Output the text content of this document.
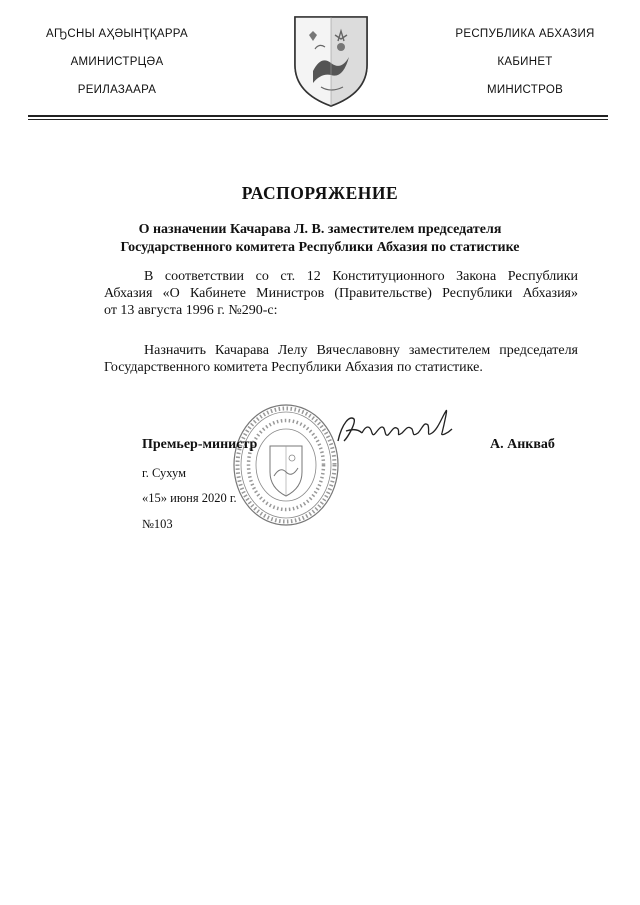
АҦСНЫ АҲӘЫНҬҚАРРА
АМИНИСТРЦӘА
РЕИЛАЗААРА
РЕСПУБЛИКА АБХАЗИЯ
КАБИНЕТ
МИНИСТРОВ
РАСПОРЯЖЕНИЕ
О назначении Качарава Л. В. заместителем председателя
Государственного комитета Республики Абхазия по статистике
В соответствии со ст. 12 Конституционного Закона Республики
Абхазия «О Кабинете Министров (Правительстве) Республики Абхазия»
от 13 августа 1996 г. №290-с:
Назначить Качарава Лелу Вячеславовну заместителем председателя
Государственного комитета Республики Абхазия по статистике.
Премьер-министр	А. Анкваб
г. Сухум
«15» июня 2020 г.
№103
